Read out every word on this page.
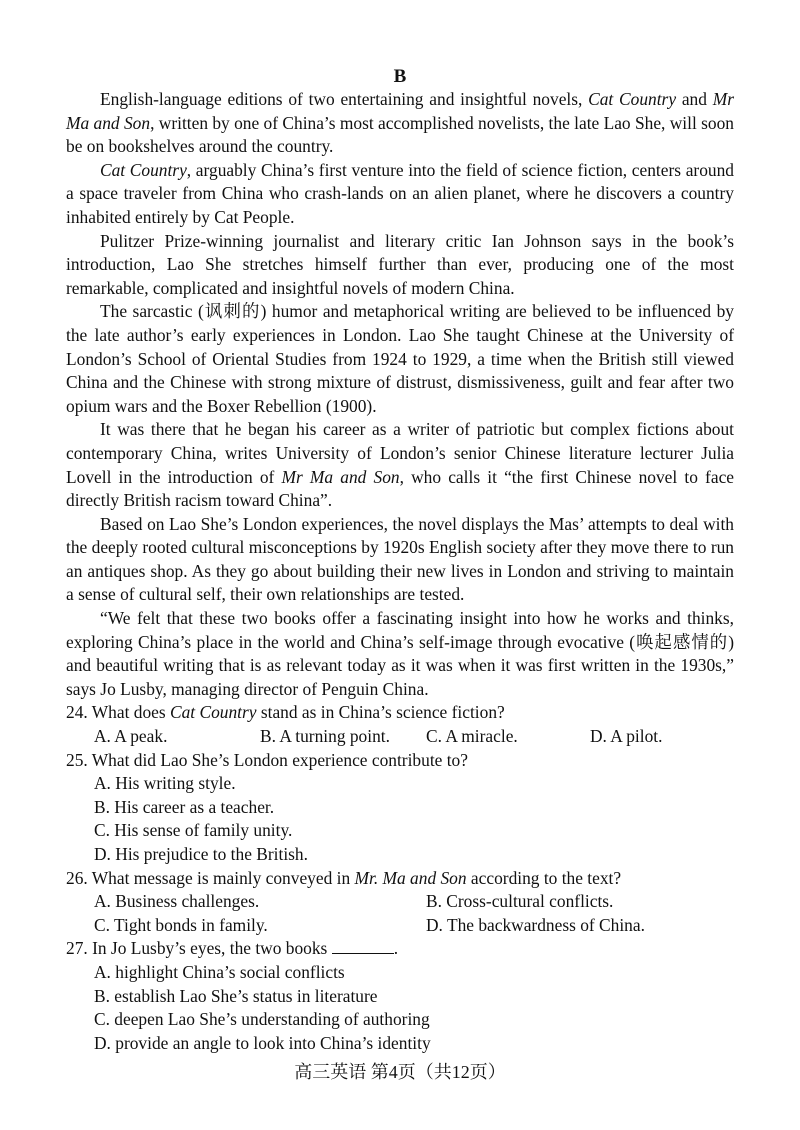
B

English-language editions of two entertaining and insightful novels, Cat Country and Mr Ma and Son, written by one of China’s most accomplished novelists, the late Lao She, will soon be on bookshelves around the country.

Cat Country, arguably China’s first venture into the field of science fiction, centers around a space traveler from China who crash-lands on an alien planet, where he discovers a country inhabited entirely by Cat People.

Pulitzer Prize-winning journalist and literary critic Ian Johnson says in the book’s introduction, Lao She stretches himself further than ever, producing one of the most remarkable, complicated and insightful novels of modern China.

The sarcastic (讽刺的) humor and metaphorical writing are believed to be influenced by the late author’s early experiences in London. Lao She taught Chinese at the University of London’s School of Oriental Studies from 1924 to 1929, a time when the British still viewed China and the Chinese with strong mixture of distrust, dismissiveness, guilt and fear after two opium wars and the Boxer Rebellion (1900).

It was there that he began his career as a writer of patriotic but complex fictions about contemporary China, writes University of London’s senior Chinese literature lecturer Julia Lovell in the introduction of Mr Ma and Son, who calls it “the first Chinese novel to face directly British racism toward China”.

Based on Lao She’s London experiences, the novel displays the Mas’ attempts to deal with the deeply rooted cultural misconceptions by 1920s English society after they move there to run an antiques shop. As they go about building their new lives in London and striving to maintain a sense of cultural self, their own relationships are tested.

“We felt that these two books offer a fascinating insight into how he works and thinks, exploring China’s place in the world and China’s self-image through evocative (唤起感情的) and beautiful writing that is as relevant today as it was when it was first written in the 1930s,” says Jo Lusby, managing director of Penguin China.

24. What does Cat Country stand as in China’s science fiction?
A. A peak.	B. A turning point.	C. A miracle.	D. A pilot.
25. What did Lao She’s London experience contribute to?
A. His writing style.
B. His career as a teacher.
C. His sense of family unity.
D. His prejudice to the British.
26. What message is mainly conveyed in Mr. Ma and Son according to the text?
A. Business challenges.	B. Cross-cultural conflicts.
C. Tight bonds in family.	D. The backwardness of China.
27. In Jo Lusby’s eyes, the two books	.
A. highlight China’s social conflicts
B. establish Lao She’s status in literature
C. deepen Lao She’s understanding of authoring
D. provide an angle to look into China’s identity
高三英语 第4页（共12页）
